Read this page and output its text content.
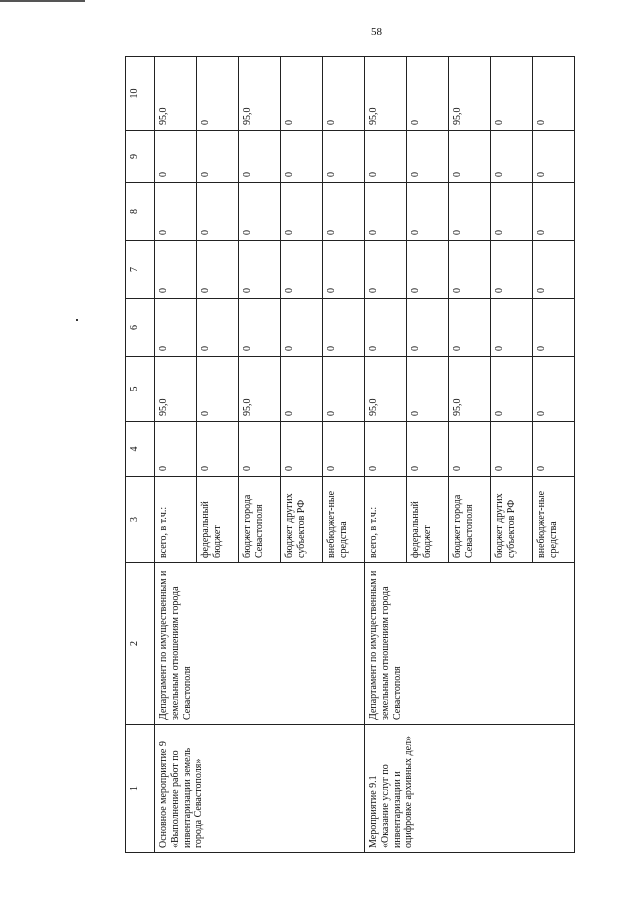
58
1	2	3	4	5	6	7	8	9	10
Основное мероприятие 9 «Выполнение работ по инвентаризации земель города Севастополя»	Департамент по имущественным и земельным отношениям города Севастополя	всего, в т.ч.:	0	95,0	0	0	0	0	95,0
		федеральный бюджет	0	0	0	0	0	0	0
		бюджет города Севастополя	0	95,0	0	0	0	0	95,0
		бюджет других субъектов РФ	0	0	0	0	0	0	0
		внебюджет-ные средства	0	0	0	0	0	0	0
Мероприятие 9.1 «Оказание услуг по инвентаризации и оцифровке архивных дел»	Департамент по имущественным и земельным отношениям города Севастополя	всего, в т.ч.:	0	95,0	0	0	0	0	95,0
		федеральный бюджет	0	0	0	0	0	0	0
		бюджет города Севастополя	0	95,0	0	0	0	0	95,0
		бюджет других субъектов РФ	0	0	0	0	0	0	0
		внебюджет-ные средства	0	0	0	0	0	0	0
